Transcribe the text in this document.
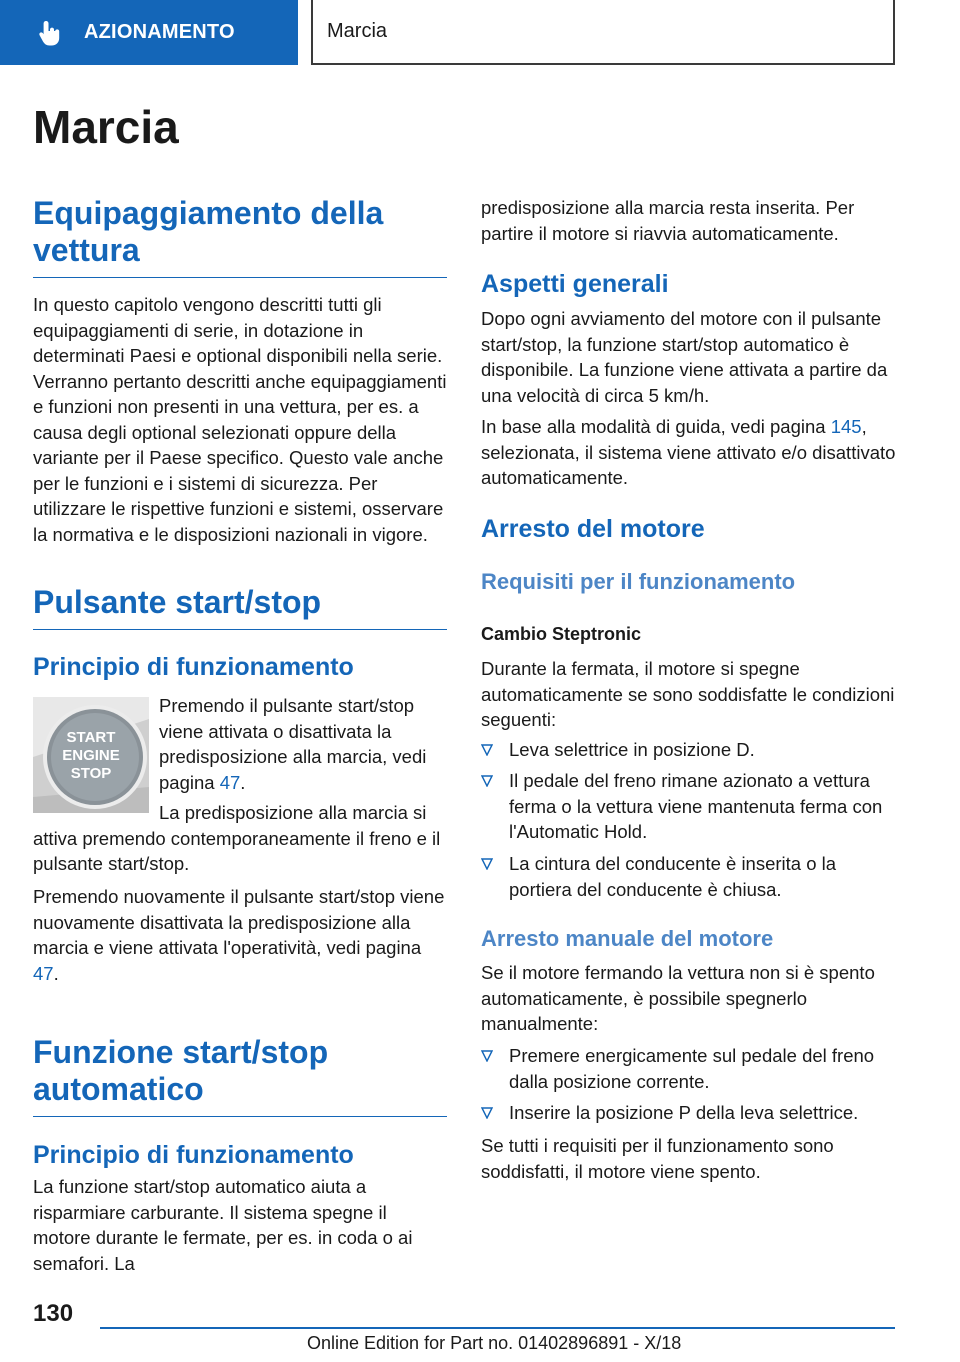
AZIONAMENTO	Marcia
Marcia
Equipaggiamento della vettura
In questo capitolo vengono descritti tutti gli equipaggiamenti di serie, in dotazione in determinati Paesi e optional disponibili nella serie. Verranno pertanto descritti anche equipaggiamenti e funzioni non presenti in una vettura, per es. a causa degli optional selezionati oppure della variante per il Paese specifico. Questo vale anche per le funzioni e i sistemi di sicurezza. Per utilizzare le rispettive funzioni e sistemi, osservare la normativa e le disposizioni nazionali in vigore.
Pulsante start/stop
Principio di funzionamento
START
ENGINE
STOP
Premendo il pulsante start/stop viene attivata o disattivata la predisposizione alla marcia, vedi pagina 47.
La predisposizione alla marcia si attiva premendo contemporaneamente il freno e il pulsante start/stop.
Premendo nuovamente il pulsante start/stop viene nuovamente disattivata la predisposizione alla marcia e viene attivata l'operatività, vedi pagina 47.
Funzione start/stop automatico
Principio di funzionamento
La funzione start/stop automatico aiuta a risparmiare carburante. Il sistema spegne il motore durante le fermate, per es. in coda o ai semafori. La
predisposizione alla marcia resta inserita. Per partire il motore si riavvia automaticamente.
Aspetti generali
Dopo ogni avviamento del motore con il pulsante start/stop, la funzione start/stop automatico è disponibile. La funzione viene attivata a partire da una velocità di circa 5 km/h.
In base alla modalità di guida, vedi pagina 145, selezionata, il sistema viene attivato e/o disattivato automaticamente.
Arresto del motore
Requisiti per il funzionamento
Cambio Steptronic
Durante la fermata, il motore si spegne automaticamente se sono soddisfatte le condizioni seguenti:
Leva selettrice in posizione D.
Il pedale del freno rimane azionato a vettura ferma o la vettura viene mantenuta ferma con l'Automatic Hold.
La cintura del conducente è inserita o la portiera del conducente è chiusa.
Arresto manuale del motore
Se il motore fermando la vettura non si è spento automaticamente, è possibile spegnerlo manualmente:
Premere energicamente sul pedale del freno dalla posizione corrente.
Inserire la posizione P della leva selettrice.
Se tutti i requisiti per il funzionamento sono soddisfatti, il motore viene spento.
130
Online Edition for Part no. 01402896891 - X/18
